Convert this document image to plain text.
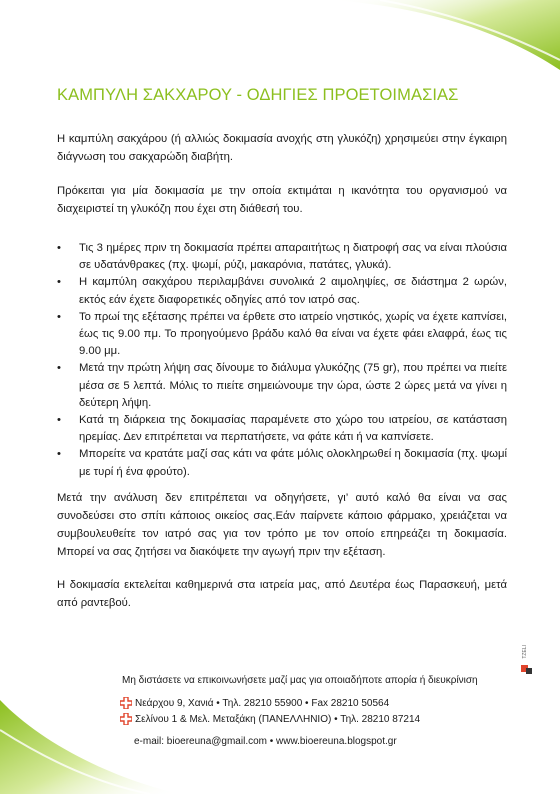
ΚΑΜΠΥΛΗ ΣΑΚΧΑΡΟΥ - ΟΔΗΓΙΕΣ ΠΡΟΕΤΟΙΜΑΣΙΑΣ

Η καμπύλη σακχάρου (ή αλλιώς δοκιμασία ανοχής στη γλυκόζη) χρησιμεύει στην έγκαιρη διάγνωση του σακχαρώδη διαβήτη.

Πρόκειται για μία δοκιμασία με την οποία εκτιμάται η ικανότητα του οργανισμού να διαχειριστεί τη γλυκόζη που έχει στη διάθεσή του.

• Τις 3 ημέρες πριν τη δοκιμασία πρέπει απαραιτήτως η διατροφή σας να είναι πλούσια σε υδατάνθρακες (πχ. ψωμί, ρύζι, μακαρόνια, πατάτες, γλυκά).
• Η καμπύλη σακχάρου περιλαμβάνει συνολικά 2 αιμοληψίες, σε διάστημα 2 ωρών, εκτός εάν έχετε διαφορετικές οδηγίες από τον ιατρό σας.
• Το πρωί της εξέτασης πρέπει να έρθετε στο ιατρείο νηστικός, χωρίς να έχετε καπνίσει, έως τις 9.00 πμ. Το προηγούμενο βράδυ καλό θα είναι να έχετε φάει ελαφρά, έως τις 9.00 μμ.
• Μετά την πρώτη λήψη σας δίνουμε το διάλυμα γλυκόζης (75 gr), που πρέπει να πιείτε μέσα σε 5 λεπτά. Μόλις το πιείτε σημειώνουμε την ώρα, ώστε 2 ώρες μετά να γίνει η δεύτερη λήψη.
• Κατά τη διάρκεια της δοκιμασίας παραμένετε στο χώρο του ιατρείου, σε κατάσταση ηρεμίας. Δεν επιτρέπεται να περπατήσετε, να φάτε κάτι ή να καπνίσετε.
• Μπορείτε να κρατάτε μαζί σας κάτι να φάτε μόλις ολοκληρωθεί η δοκιμασία (πχ. ψωμί με τυρί ή ένα φρούτο).

Μετά την ανάλυση δεν επιτρέπεται να οδηγήσετε, γι’ αυτό καλό θα είναι να σας συνοδεύσει στο σπίτι κάποιος οικείος σας.Εάν παίρνετε κάποιο φάρμακο, χρειάζεται να συμβουλευθείτε τον ιατρό σας για τον τρόπο με τον οποίο επηρεάζει τη δοκιμασία. Μπορεί να σας ζητήσει να διακόψετε την αγωγή πριν την εξέταση.

Η δοκιμασία εκτελείται καθημερινά στα ιατρεία μας, από Δευτέρα έως Παρασκευή, μετά από ραντεβού.

TZELI
Μη διστάσετε να επικοινωνήσετε μαζί μας για οποιαδήποτε απορία ή διευκρίνιση
Νεάρχου 9, Χανιά • Τηλ. 28210 55900 • Fax 28210 50564
Σελίνου 1 & Μελ. Μεταξάκη (ΠΑΝΕΛΛΗΝΙΟ) • Τηλ. 28210 87214
e-mail: bioereuna@gmail.com • www.bioereuna.blogspot.gr
